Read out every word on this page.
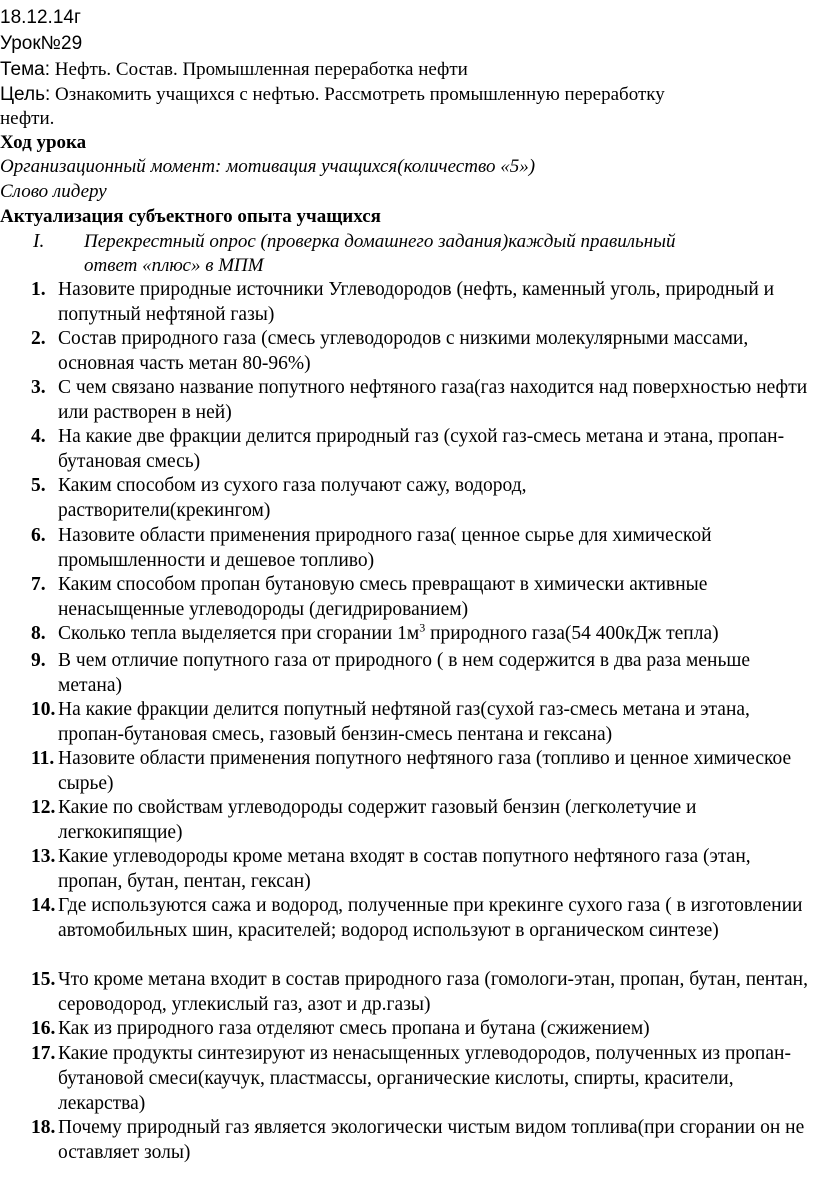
18.12.14г
Урок№29
Тема: Нефть. Состав. Промышленная переработка нефти
Цель: Ознакомить учащихся с нефтью. Рассмотреть промышленную переработку
нефти.
Ход урока
Организационный момент: мотивация учащихся(количество «5»)
Слово лидеру
Актуализация субъектного опыта учащихся
I. Перекрестный опрос (проверка домашнего задания)каждый правильный
ответ «плюс» в МПМ
1. Назовите природные источники Углеводородов (нефть, каменный уголь, природный и попутный нефтяной газы)
2. Состав природного газа (смесь углеводородов с низкими молекулярными массами, основная часть метан 80-96%)
3. С чем связано название попутного нефтяного газа(газ находится над поверхностью нефти или растворен в ней)
4. На какие две фракции делится природный газ (сухой газ-смесь метана и этана, пропан-бутановая смесь)
5. Каким способом из сухого газа получают сажу, водород, растворители(крекингом)
6. Назовите области применения природного газа( ценное сырье для химической промышленности и дешевое топливо)
7. Каким способом пропан бутановую смесь превращают в химически активные ненасыщенные углеводороды (дегидрированием)
8. Сколько тепла выделяется при сгорании $1м^3$ природного газа(54 400кДж тепла)
9. В чем отличие попутного газа от природного ( в нем содержится в два раза меньше метана)
10. На какие фракции делится попутный нефтяной газ(сухой газ-смесь метана и этана, пропан-бутановая смесь, газовый бензин-смесь пентана и гексана)
11. Назовите области применения попутного нефтяного газа (топливо и ценное химическое сырье)
12. Какие по свойствам углеводороды содержит газовый бензин (легколетучие и легкокипящие)
13. Какие углеводороды кроме метана входят в состав попутного нефтяного газа (этан, пропан, бутан, пентан, гексан)
14. Где используются сажа и водород, полученные при крекинге сухого газа ( в изготовлении автомобильных шин, красителей; водород используют в органическом синтезе)
15. Что кроме метана входит в состав природного газа (гомологи-этан, пропан, бутан, пентан, сероводород, углекислый газ, азот и др.газы)
16. Как из природного газа отделяют смесь пропана и бутана (сжижением)
17. Какие продукты синтезируют из ненасыщенных углеводородов, полученных из пропан-бутановой смеси(каучук, пластмассы, органические кислоты, спирты, красители, лекарства)
18. Почему природный газ является экологически чистым видом топлива(при сгорании он не оставляет золы)
